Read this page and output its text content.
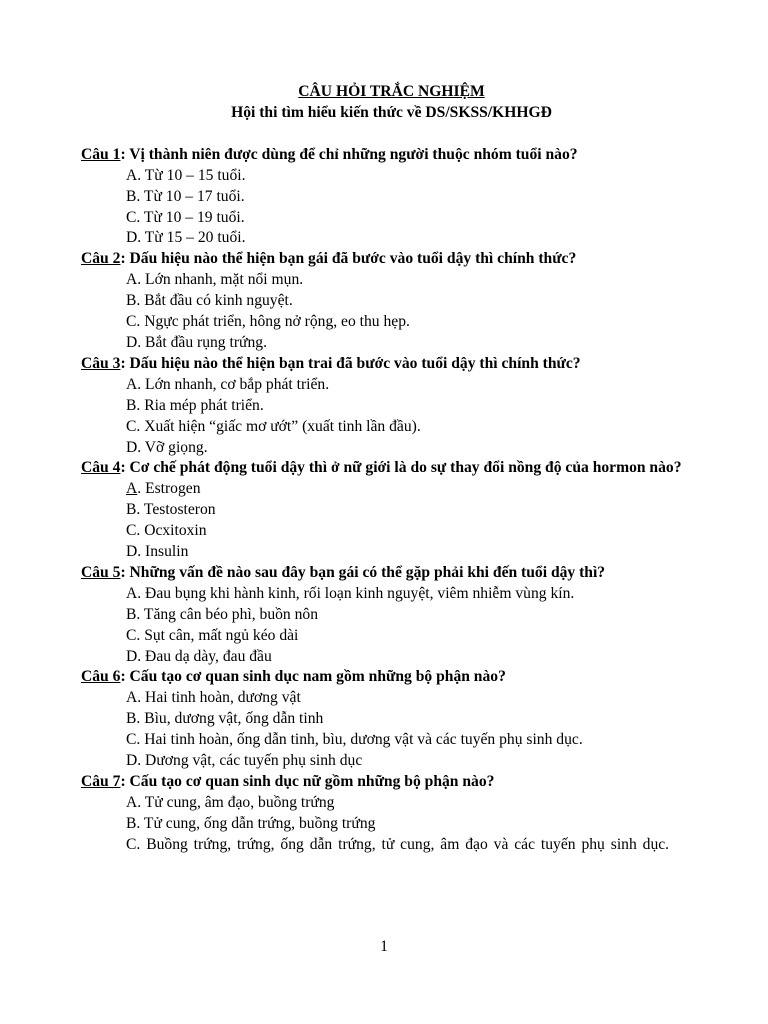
CÂU HỎI TRẮC NGHIỆM
Hội thi tìm hiểu kiến thức về DS/SKSS/KHHGĐ
Câu 1: Vị thành niên được dùng để chỉ những người thuộc nhóm tuổi nào?
A. Từ 10 – 15 tuổi.
B. Từ 10 – 17 tuổi.
C. Từ 10 – 19 tuổi.
D. Từ 15 – 20 tuổi.
Câu 2: Dấu hiệu nào thể hiện bạn gái đã bước vào tuổi dậy thì chính thức?
A. Lớn nhanh, mặt nổi mụn.
B. Bắt đầu có kinh nguyệt.
C. Ngực phát triển, hông nở rộng, eo thu hẹp.
D. Bắt đầu rụng trứng.
Câu 3: Dấu hiệu nào thể hiện bạn trai đã bước vào tuổi dậy thì chính thức?
A. Lớn nhanh, cơ bắp phát triển.
B. Ria mép phát triển.
C. Xuất hiện “giấc mơ ướt” (xuất tinh lần đầu).
D. Vỡ giọng.
Câu 4: Cơ chế phát động tuổi dậy thì ở nữ giới là do sự thay đổi nồng độ của hormon nào?
A. Estrogen
B. Testosteron
C. Ocxitoxin
D. Insulin
Câu 5: Những vấn đề nào sau đây bạn gái có thể gặp phải khi đến tuổi dậy thì?
A. Đau bụng khi hành kinh, rối loạn kinh nguyệt, viêm nhiễm vùng kín.
B. Tăng cân béo phì, buồn nôn
C. Sụt cân, mất ngủ kéo dài
D. Đau dạ dày, đau đầu
Câu 6: Cấu tạo cơ quan sinh dục nam gồm những bộ phận nào?
A. Hai tinh hoàn, dương vật
B. Bìu, dương vật, ống dẫn tinh
C. Hai tinh hoàn, ống dẫn tinh, bìu, dương vật và các tuyến phụ sinh dục.
D. Dương vật, các tuyến phụ sinh dục
Câu 7: Cấu tạo cơ quan sinh dục nữ gồm những bộ phận nào?
A. Tử cung, âm đạo, buồng trứng
B. Tử cung, ống dẫn trứng, buồng trứng
C. Buồng trứng, trứng, ống dẫn trứng, tử cung, âm đạo và các tuyến phụ sinh dục.
1
